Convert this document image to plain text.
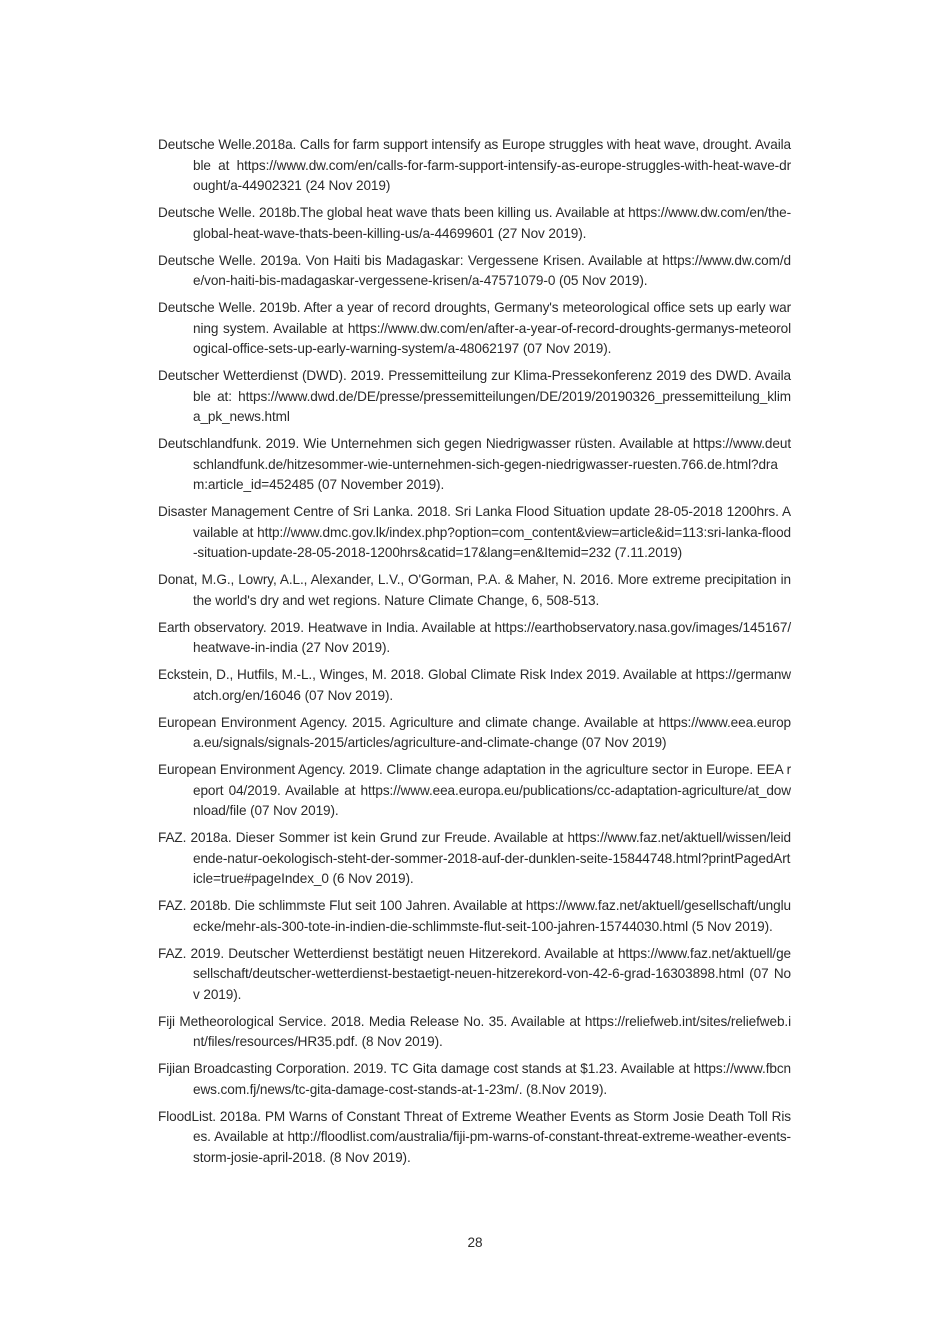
Deutsche Welle.2018a. Calls for farm support intensify as Europe struggles with heat wave, drought. Available at https://www.dw.com/en/calls-for-farm-support-intensify-as-europe-struggles-with-heat-wave-drought/a-44902321 (24 Nov 2019)

Deutsche Welle. 2018b.The global heat wave thats been killing us. Available at https://www.dw.com/en/the-global-heat-wave-thats-been-killing-us/a-44699601 (27 Nov 2019).

Deutsche Welle. 2019a. Von Haiti bis Madagaskar: Vergessene Krisen. Available at https://www.dw.com/de/von-haiti-bis-madagaskar-vergessene-krisen/a-47571079-0 (05 Nov 2019).

Deutsche Welle. 2019b. After a year of record droughts, Germany's meteorological office sets up early warning system. Available at https://www.dw.com/en/after-a-year-of-record-droughts-germanys-meteorological-office-sets-up-early-warning-system/a-48062197 (07 Nov 2019).

Deutscher Wetterdienst (DWD). 2019. Pressemitteilung zur Klima-Pressekonferenz 2019 des DWD. Available at: https://www.dwd.de/DE/presse/pressemitteilungen/DE/2019/20190326_pressemitteilung_klima_pk_news.html

Deutschlandfunk. 2019. Wie Unternehmen sich gegen Niedrigwasser rüsten. Available at https://www.deutschlandfunk.de/hitzesommer-wie-unternehmen-sich-gegen-niedrigwasser-ruesten.766.de.html?dram:article_id=452485 (07 November 2019).

Disaster Management Centre of Sri Lanka. 2018. Sri Lanka Flood Situation update 28-05-2018 1200hrs. Available at http://www.dmc.gov.lk/index.php?option=com_content&view=article&id=113:sri-lanka-flood-situation-update-28-05-2018-1200hrs&catid=17&lang=en&Itemid=232 (7.11.2019)

Donat, M.G., Lowry, A.L., Alexander, L.V., O'Gorman, P.A. & Maher, N. 2016. More extreme precipitation in the world's dry and wet regions. Nature Climate Change, 6, 508-513.

Earth observatory. 2019. Heatwave in India. Available at https://earthobservatory.nasa.gov/images/145167/heatwave-in-india (27 Nov 2019).

Eckstein, D., Hutfils, M.-L., Winges, M. 2018. Global Climate Risk Index 2019. Available at https://germanwatch.org/en/16046 (07 Nov 2019).

European Environment Agency. 2015. Agriculture and climate change. Available at https://www.eea.europa.eu/signals/signals-2015/articles/agriculture-and-climate-change (07 Nov 2019)

European Environment Agency. 2019. Climate change adaptation in the agriculture sector in Europe. EEA report 04/2019. Available at https://www.eea.europa.eu/publications/cc-adaptation-agriculture/at_download/file (07 Nov 2019).

FAZ. 2018a. Dieser Sommer ist kein Grund zur Freude. Available at https://www.faz.net/aktuell/wissen/leidende-natur-oekologisch-steht-der-sommer-2018-auf-der-dunklen-seite-15844748.html?printPagedArticle=true#pageIndex_0 (6 Nov 2019).

FAZ. 2018b. Die schlimmste Flut seit 100 Jahren. Available at https://www.faz.net/aktuell/gesellschaft/ungluecke/mehr-als-300-tote-in-indien-die-schlimmste-flut-seit-100-jahren-15744030.html (5 Nov 2019).

FAZ. 2019. Deutscher Wetterdienst bestätigt neuen Hitzerekord. Available at https://www.faz.net/aktuell/gesellschaft/deutscher-wetterdienst-bestaetigt-neuen-hitzerekord-von-42-6-grad-16303898.html (07 Nov 2019).

Fiji Metheorological Service. 2018. Media Release No. 35. Available at https://reliefweb.int/sites/reliefweb.int/files/resources/HR35.pdf. (8 Nov 2019).

Fijian Broadcasting Corporation. 2019. TC Gita damage cost stands at $1.23. Available at https://www.fbcnews.com.fj/news/tc-gita-damage-cost-stands-at-1-23m/. (8.Nov 2019).

FloodList. 2018a. PM Warns of Constant Threat of Extreme Weather Events as Storm Josie Death Toll Rises. Available at http://floodlist.com/australia/fiji-pm-warns-of-constant-threat-extreme-weather-events-storm-josie-april-2018. (8 Nov 2019).

28
